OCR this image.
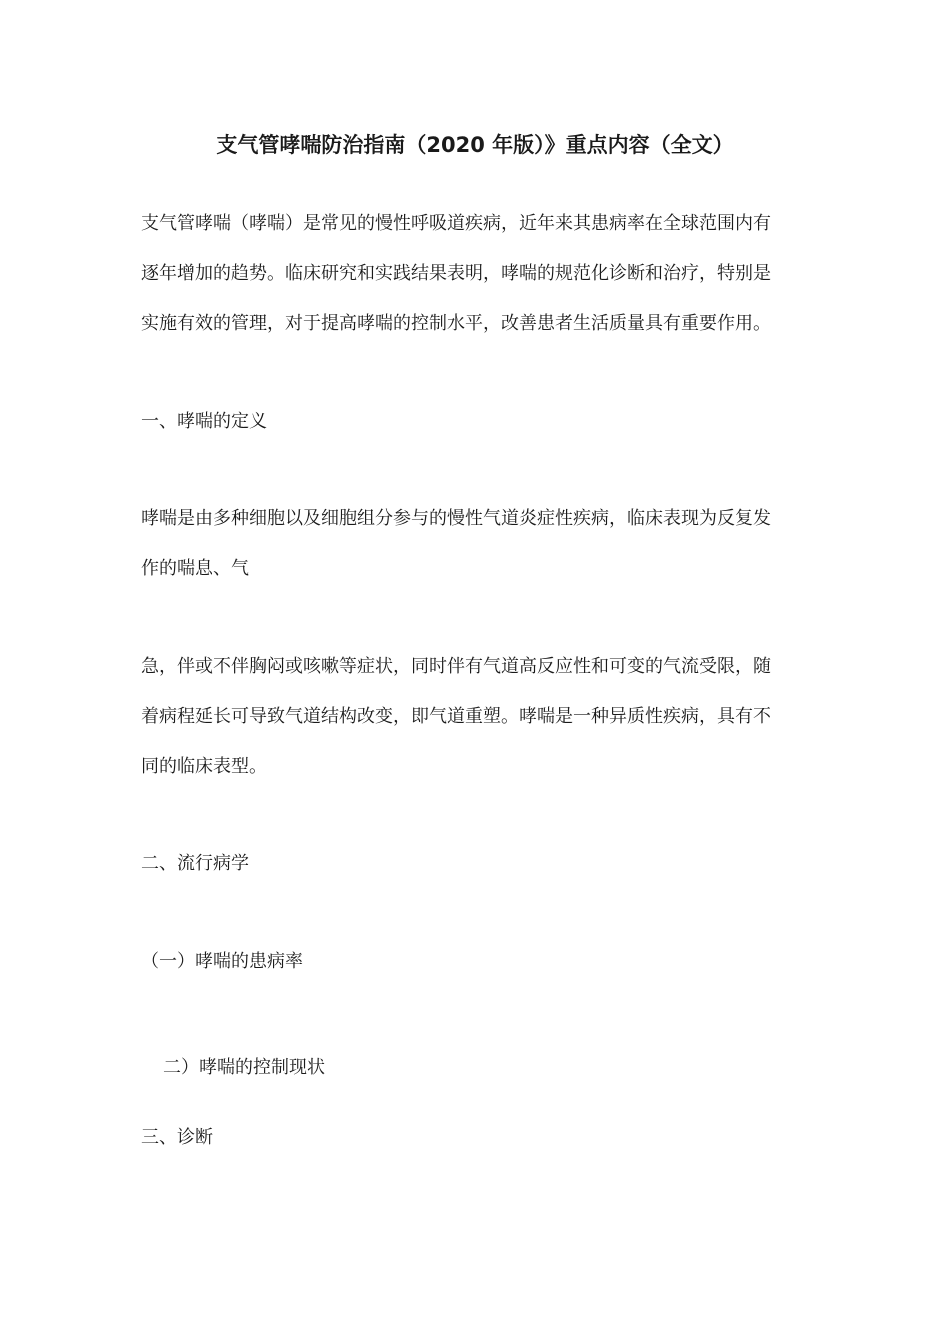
支气管哮喘防治指南（2020 年版）》重点内容（全文）

支气管哮喘（哮喘）是常见的慢性呼吸道疾病，近年来其患病率在全球范围内有
逐年增加的趋势。临床研究和实践结果表明，哮喘的规范化诊断和治疗，特别是
实施有效的管理，对于提高哮喘的控制水平，改善患者生活质量具有重要作用。

一、哮喘的定义

哮喘是由多种细胞以及细胞组分参与的慢性气道炎症性疾病，临床表现为反复发
作的喘息、气

急，伴或不伴胸闷或咳嗽等症状，同时伴有气道高反应性和可变的气流受限，随
着病程延长可导致气道结构改变，即气道重塑。哮喘是一种异质性疾病，具有不
同的临床表型。

二、流行病学
（一）哮喘的患病率
二）哮喘的控制现状
三、诊断
